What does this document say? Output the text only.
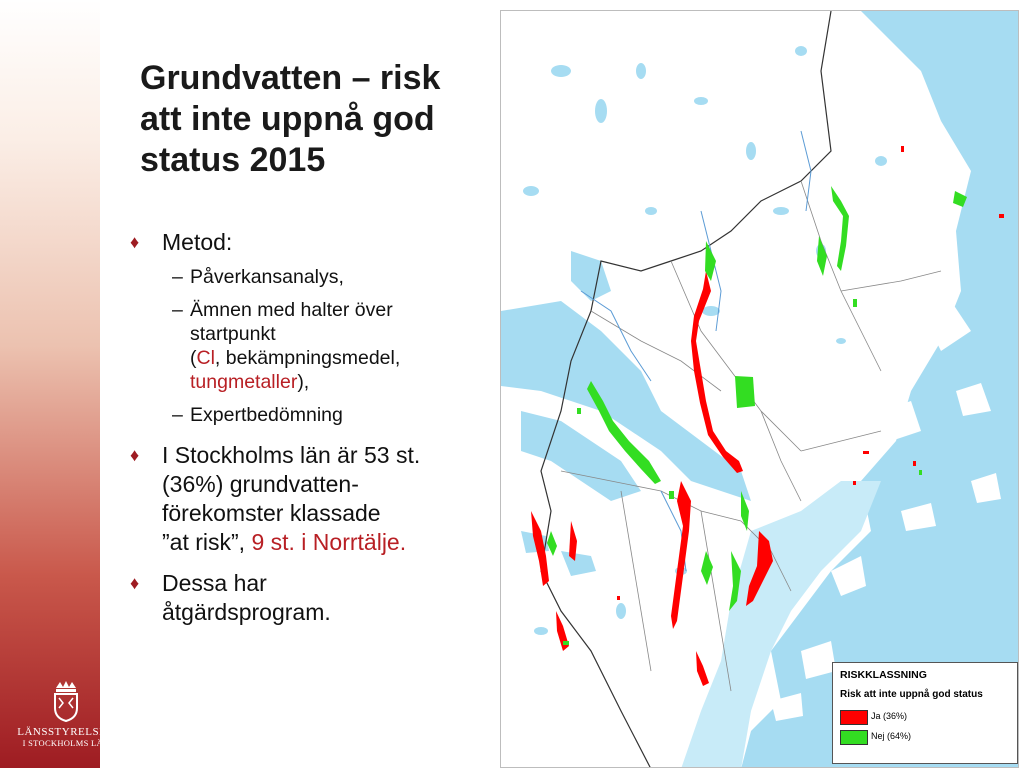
LÄNSSTYRELSEN
I STOCKHOLMS LÄN
Grundvatten – risk
att inte uppnå god
status 2015
♦ Metod:
– Påverkansanalys,
– Ämnen med halter över
startpunkt
(Cl, bekämpningsmedel,
tungmetaller),
– Expertbedömning
♦ I Stockholms län är 53 st.
(36%) grundvatten-
förekomster klassade
”at risk”, 9 st. i Norrtälje.
♦ Dessa har
åtgärdsprogram.
RISKKLASSNING
Risk att inte uppnå god status
Ja (36%)
Nej (64%)
